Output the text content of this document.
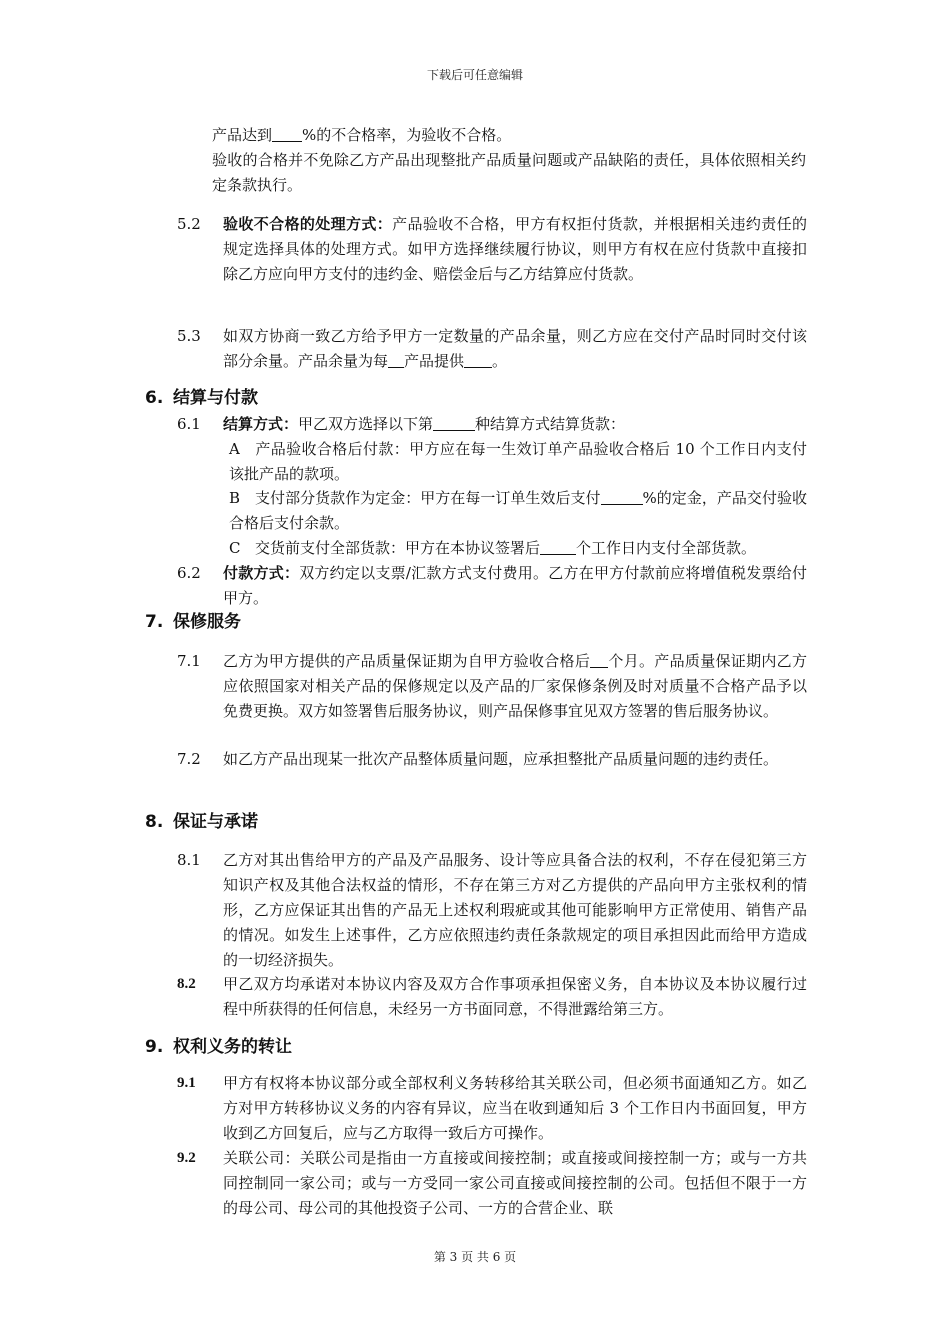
下载后可任意编辑
产品达到 %的不合格率，为验收不合格。
验收的合格并不免除乙方产品出现整批产品质量问题或产品缺陷的责任，具体依照相关约定条款执行。
5.2	验收不合格的处理方式：产品验收不合格，甲方有权拒付货款，并根据相关违约责任的规定选择具体的处理方式。如甲方选择继续履行协议，则甲方有权在应付货款中直接扣除乙方应向甲方支付的违约金、赔偿金后与乙方结算应付货款。
5.3	如双方协商一致乙方给予甲方一定数量的产品余量，则乙方应在交付产品时同时交付该部分余量。产品余量为每 产品提供 。
6. 结算与付款
6.1	结算方式：甲乙双方选择以下第	种结算方式结算货款：
A 产品验收合格后付款：甲方应在每一生效订单产品验收合格后 10 个工作日内支付该批产品的款项。
B 支付部分货款作为定金：甲方在每一订单生效后支付	%的定金，产品交付验收合格后支付余款。
C 交货前支付全部货款：甲方在本协议签署后 个工作日内支付全部货款。
6.2	付款方式：双方约定以支票/汇款方式支付费用。乙方在甲方付款前应将增值税发票给付甲方。
7. 保修服务
7.1	乙方为甲方提供的产品质量保证期为自甲方验收合格后 个月。产品质量保证期内乙方应依照国家对相关产品的保修规定以及产品的厂家保修条例及时对质量不合格产品予以免费更换。双方如签署售后服务协议，则产品保修事宜见双方签署的售后服务协议。
7.2	如乙方产品出现某一批次产品整体质量问题，应承担整批产品质量问题的违约责任。
8. 保证与承诺
8.1	乙方对其出售给甲方的产品及产品服务、设计等应具备合法的权利，不存在侵犯第三方知识产权及其他合法权益的情形，不存在第三方对乙方提供的产品向甲方主张权利的情形，乙方应保证其出售的产品无上述权利瑕疵或其他可能影响甲方正常使用、销售产品的情况。如发生上述事件，乙方应依照违约责任条款规定的项目承担因此而给甲方造成的一切经济损失。
8.2	甲乙双方均承诺对本协议内容及双方合作事项承担保密义务，自本协议及本协议履行过程中所获得的任何信息，未经另一方书面同意，不得泄露给第三方。
9. 权利义务的转让
9.1	甲方有权将本协议部分或全部权利义务转移给其关联公司，但必须书面通知乙方。如乙方对甲方转移协议义务的内容有异议，应当在收到通知后 3 个工作日内书面回复，甲方收到乙方回复后，应与乙方取得一致后方可操作。
9.2	关联公司：关联公司是指由一方直接或间接控制；或直接或间接控制一方；或与一方共同控制同一家公司；或与一方受同一家公司直接或间接控制的公司。包括但不限于一方的母公司、母公司的其他投资子公司、一方的合营企业、联
第 3 页 共 6 页
